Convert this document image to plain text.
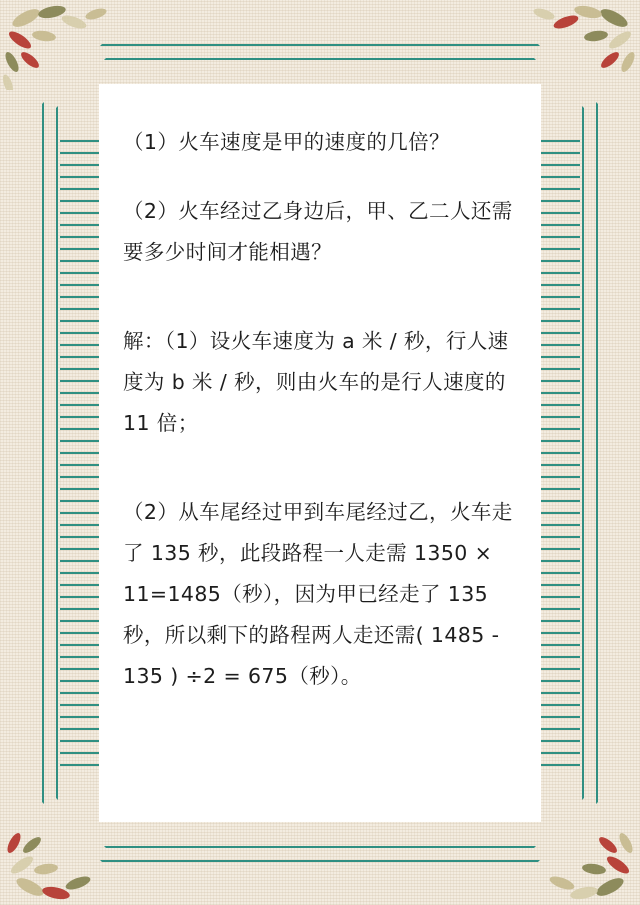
（1）火车速度是甲的速度的几倍？

（2）火车经过乙身边后，甲、乙二人还需要多少时间才能相遇？

解：（1）设火车速度为 a 米 / 秒，行人速度为 b 米 / 秒，则由火车的是行人速度的 11 倍；

（2）从车尾经过甲到车尾经过乙，火车走了 135 秒，此段路程一人走需 1350 × 11=1485（秒），因为甲已经走了 135 秒，所以剩下的路程两人走还需( 1485 - 135 ) ÷2 = 675（秒）。
